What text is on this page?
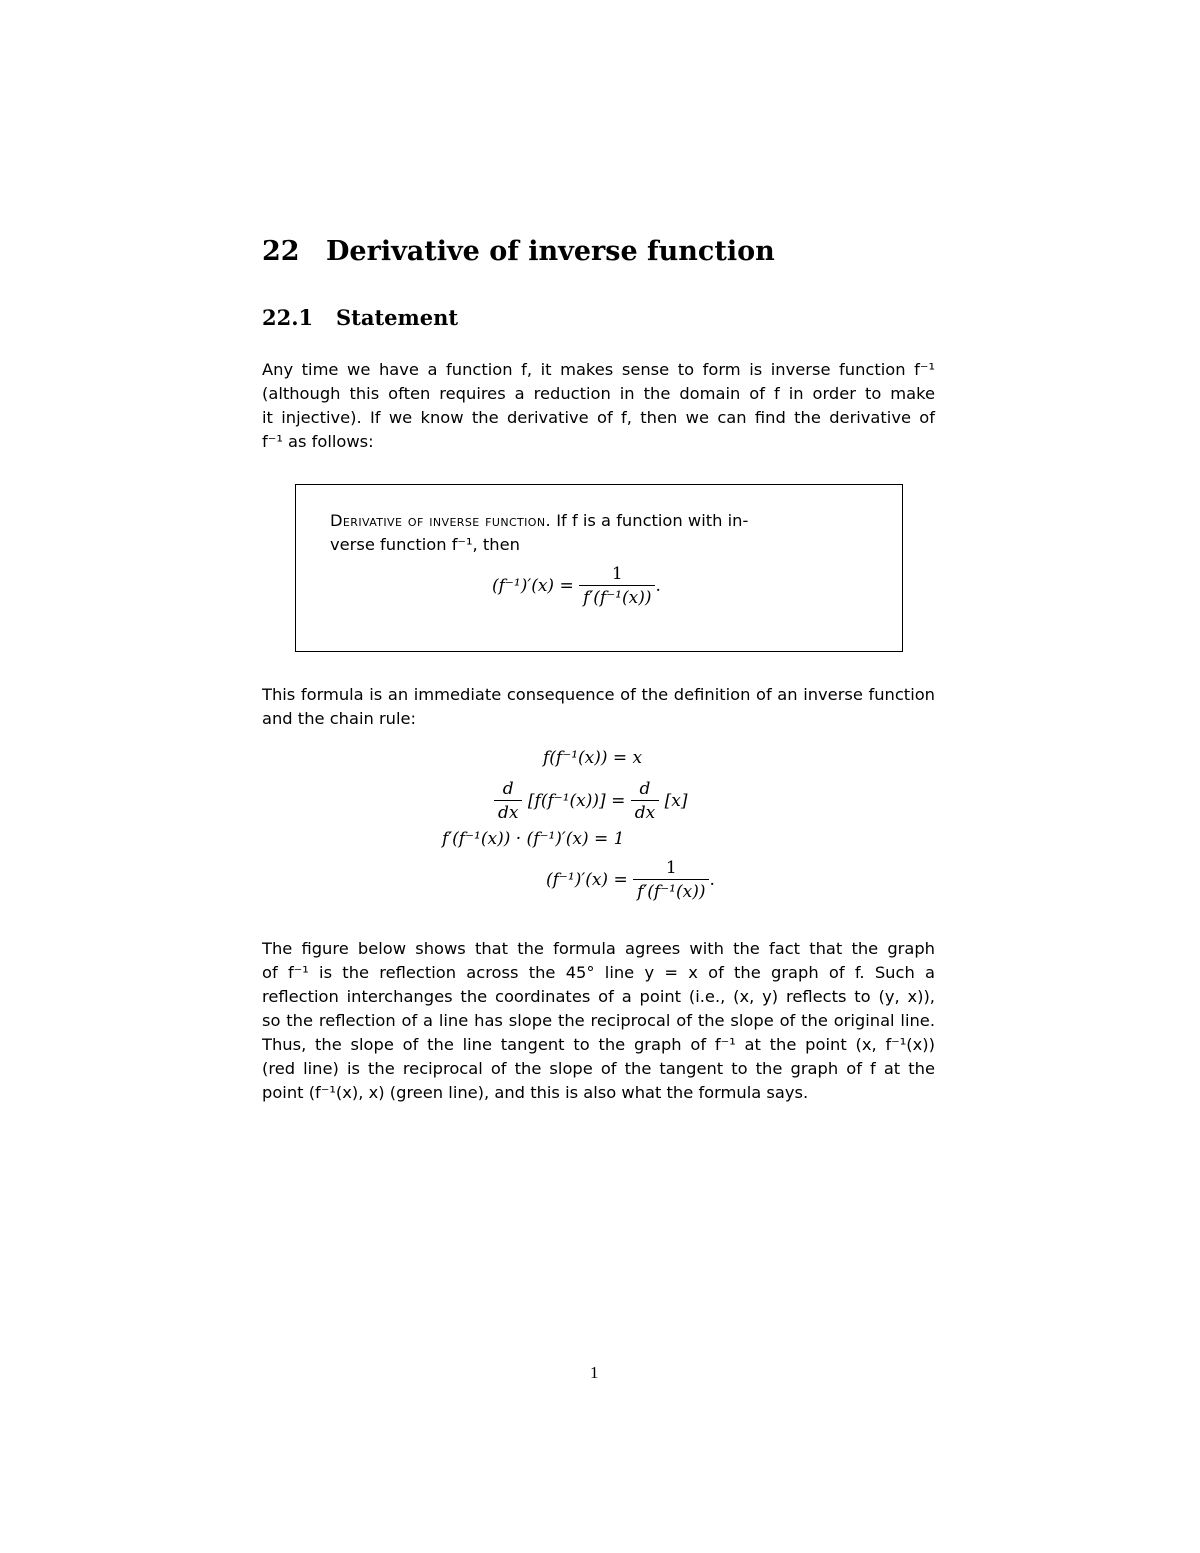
22 Derivative of inverse function
22.1 Statement
Any time we have a function f, it makes sense to form is inverse function f⁻¹
(although this often requires a reduction in the domain of f in order to make
it injective). If we know the derivative of f, then we can find the derivative of
f⁻¹ as follows:
Derivative of inverse function. If f is a function with in-
verse function f⁻¹, then
$(f^{-1})'(x) = \frac{1}{\text{f′(f⁻¹(x))}}$ .
This formula is an immediate consequence of the definition of an inverse function
and the chain rule:
f(f⁻¹(x)) = x
$\frac{d}{dx} [f(f^{-1}(x))] = \frac{d}{dx} [x]$
f′(f⁻¹(x)) · (f⁻¹)′(x) = 1
$(f^{-1})'(x) = \frac{1}{\text{f′(f⁻¹(x))}}$ .
The figure below shows that the formula agrees with the fact that the graph
of f⁻¹ is the reflection across the 45° line y = x of the graph of f. Such a
reflection interchanges the coordinates of a point (i.e., (x, y) reflects to (y, x)),
so the reflection of a line has slope the reciprocal of the slope of the original line.
Thus, the slope of the line tangent to the graph of f⁻¹ at the point (x, f⁻¹(x))
(red line) is the reciprocal of the slope of the tangent to the graph of f at the
point (f⁻¹(x), x) (green line), and this is also what the formula says.
1
